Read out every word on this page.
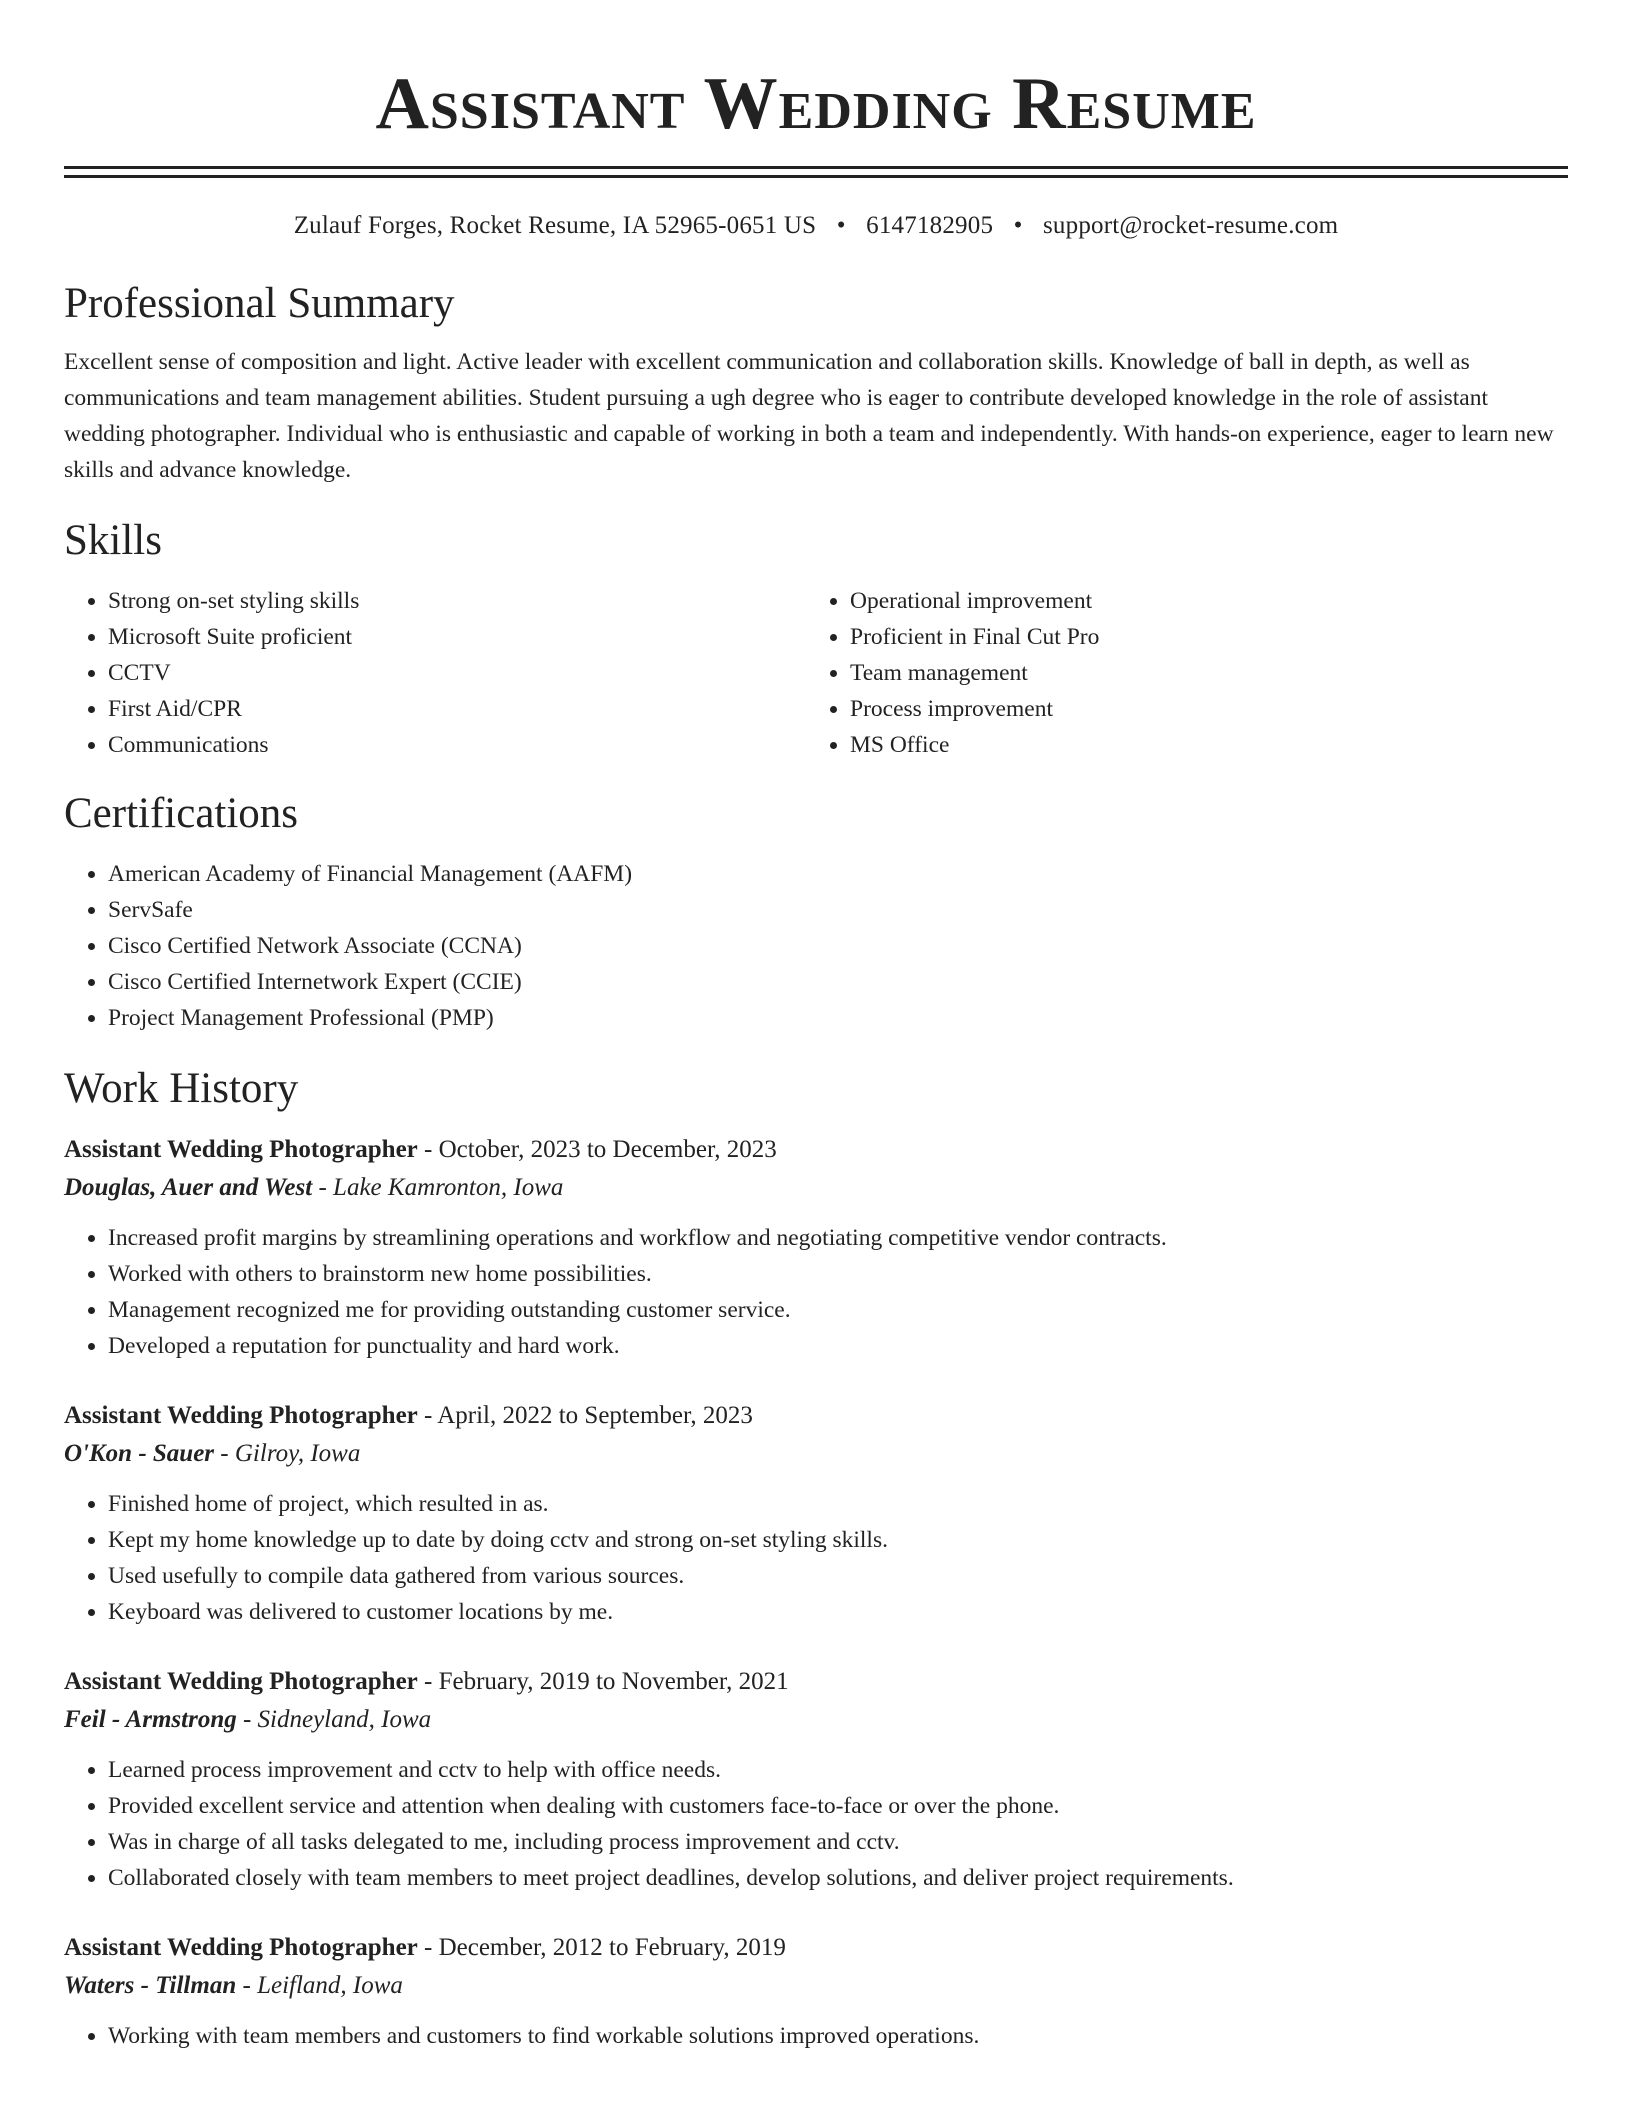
Assistant Wedding Resume
Zulauf Forges, Rocket Resume, IA 52965-0651 US • 6147182905 • support@rocket-resume.com
Professional Summary

Excellent sense of composition and light. Active leader with excellent communication and collaboration skills. Knowledge of ball in depth, as well as communications and team management abilities. Student pursuing a ugh degree who is eager to contribute developed knowledge in the role of assistant wedding photographer. Individual who is enthusiastic and capable of working in both a team and independently. With hands-on experience, eager to learn new skills and advance knowledge.

Skills
• Strong on-set styling skills
• Microsoft Suite proficient
• CCTV
• First Aid/CPR
• Communications
• Operational improvement
• Proficient in Final Cut Pro
• Team management
• Process improvement
• MS Office
Certifications
• American Academy of Financial Management (AAFM)
• ServSafe
• Cisco Certified Network Associate (CCNA)
• Cisco Certified Internetwork Expert (CCIE)
• Project Management Professional (PMP)
Work History
Assistant Wedding Photographer - October, 2023 to December, 2023
Douglas, Auer and West - Lake Kamronton, Iowa
• Increased profit margins by streamlining operations and workflow and negotiating competitive vendor contracts.
• Worked with others to brainstorm new home possibilities.
• Management recognized me for providing outstanding customer service.
• Developed a reputation for punctuality and hard work.
Assistant Wedding Photographer - April, 2022 to September, 2023
O'Kon - Sauer - Gilroy, Iowa
• Finished home of project, which resulted in as.
• Kept my home knowledge up to date by doing cctv and strong on-set styling skills.
• Used usefully to compile data gathered from various sources.
• Keyboard was delivered to customer locations by me.
Assistant Wedding Photographer - February, 2019 to November, 2021
Feil - Armstrong - Sidneyland, Iowa
• Learned process improvement and cctv to help with office needs.
• Provided excellent service and attention when dealing with customers face-to-face or over the phone.
• Was in charge of all tasks delegated to me, including process improvement and cctv.
• Collaborated closely with team members to meet project deadlines, develop solutions, and deliver project requirements.
Assistant Wedding Photographer - December, 2012 to February, 2019
Waters - Tillman - Leifland, Iowa
• Working with team members and customers to find workable solutions improved operations.
